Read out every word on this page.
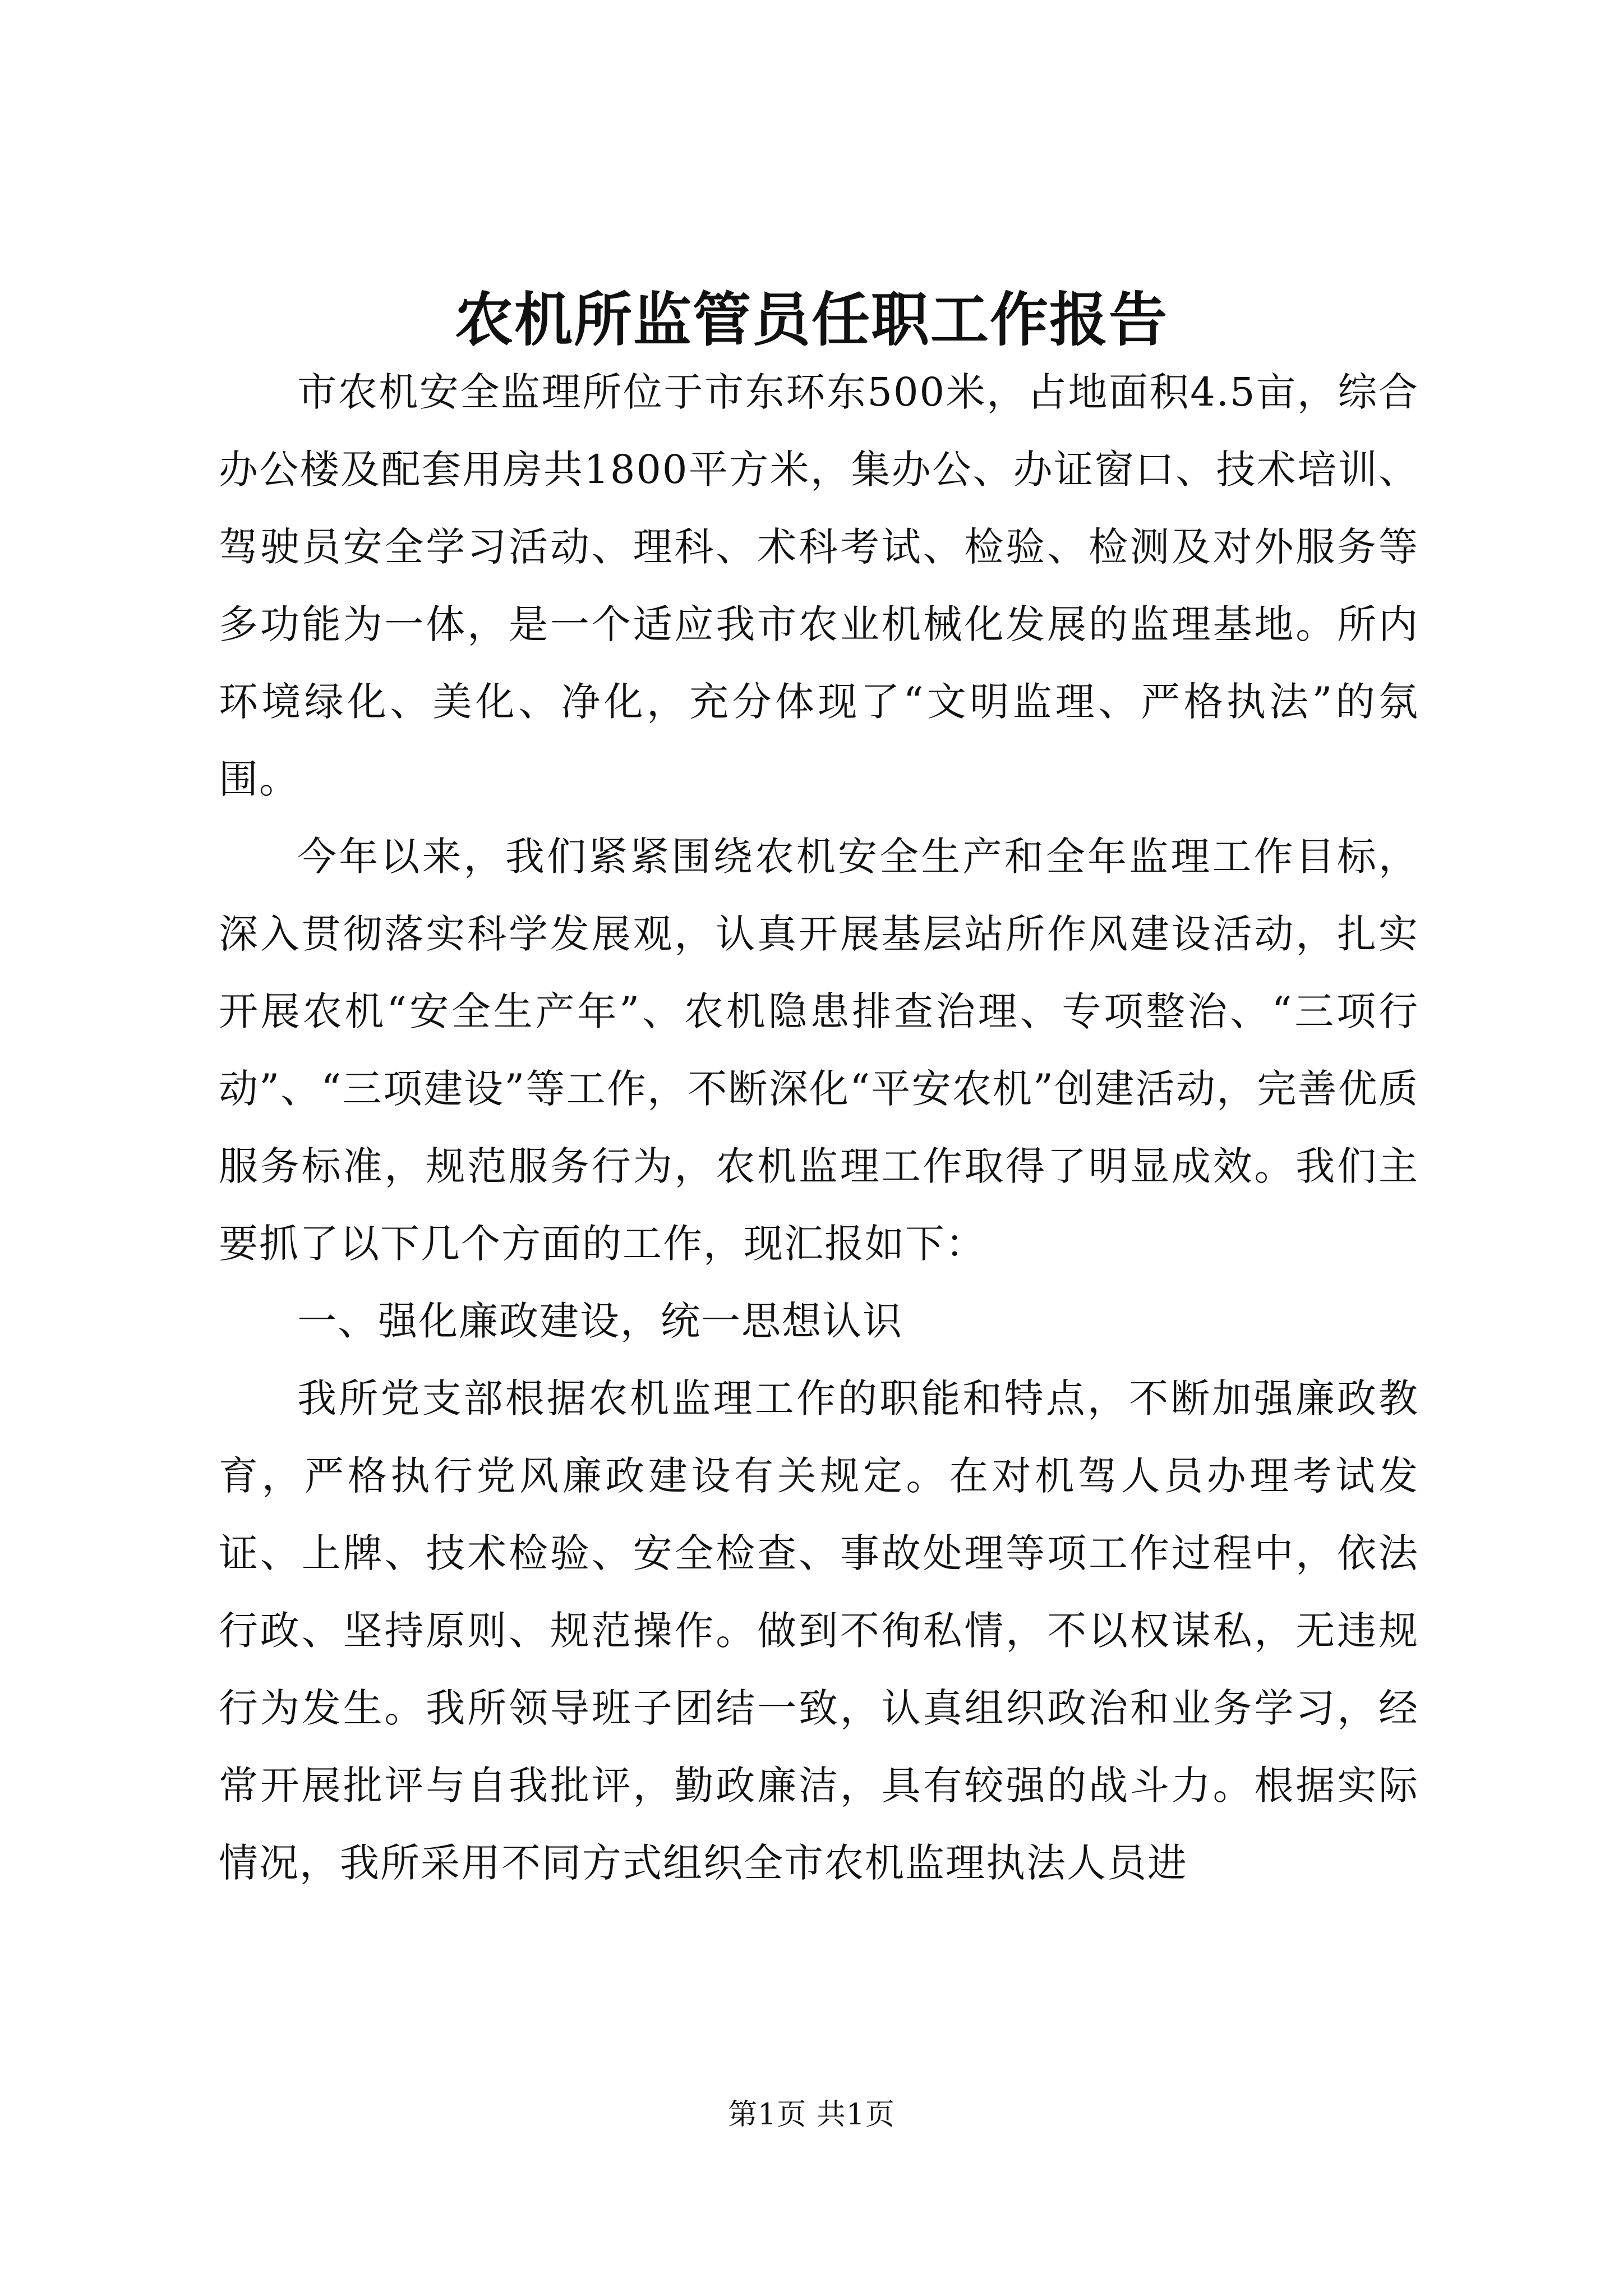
农机所监管员任职工作报告

市农机安全监理所位于市东环东500米，占地面积4.5亩，综合办公楼及配套用房共1800平方米，集办公、办证窗口、技术培训、驾驶员安全学习活动、理科、术科考试、检验、检测及对外服务等多功能为一体，是一个适应我市农业机械化发展的监理基地。所内环境绿化、美化、净化，充分体现了“文明监理、严格执法”的氛围。

今年以来，我们紧紧围绕农机安全生产和全年监理工作目标，深入贯彻落实科学发展观，认真开展基层站所作风建设活动，扎实开展农机“安全生产年”、农机隐患排查治理、专项整治、“三项行动”、“三项建设”等工作，不断深化“平安农机”创建活动，完善优质服务标准，规范服务行为，农机监理工作取得了明显成效。我们主要抓了以下几个方面的工作，现汇报如下：

一、强化廉政建设，统一思想认识

我所党支部根据农机监理工作的职能和特点，不断加强廉政教育，严格执行党风廉政建设有关规定。在对机驾人员办理考试发证、上牌、技术检验、安全检查、事故处理等项工作过程中，依法行政、坚持原则、规范操作。做到不徇私情，不以权谋私，无违规行为发生。我所领导班子团结一致，认真组织政治和业务学习，经常开展批评与自我批评，勤政廉洁，具有较强的战斗力。根据实际情况，我所采用不同方式组织全市农机监理执法人员进

第1页 共1页
